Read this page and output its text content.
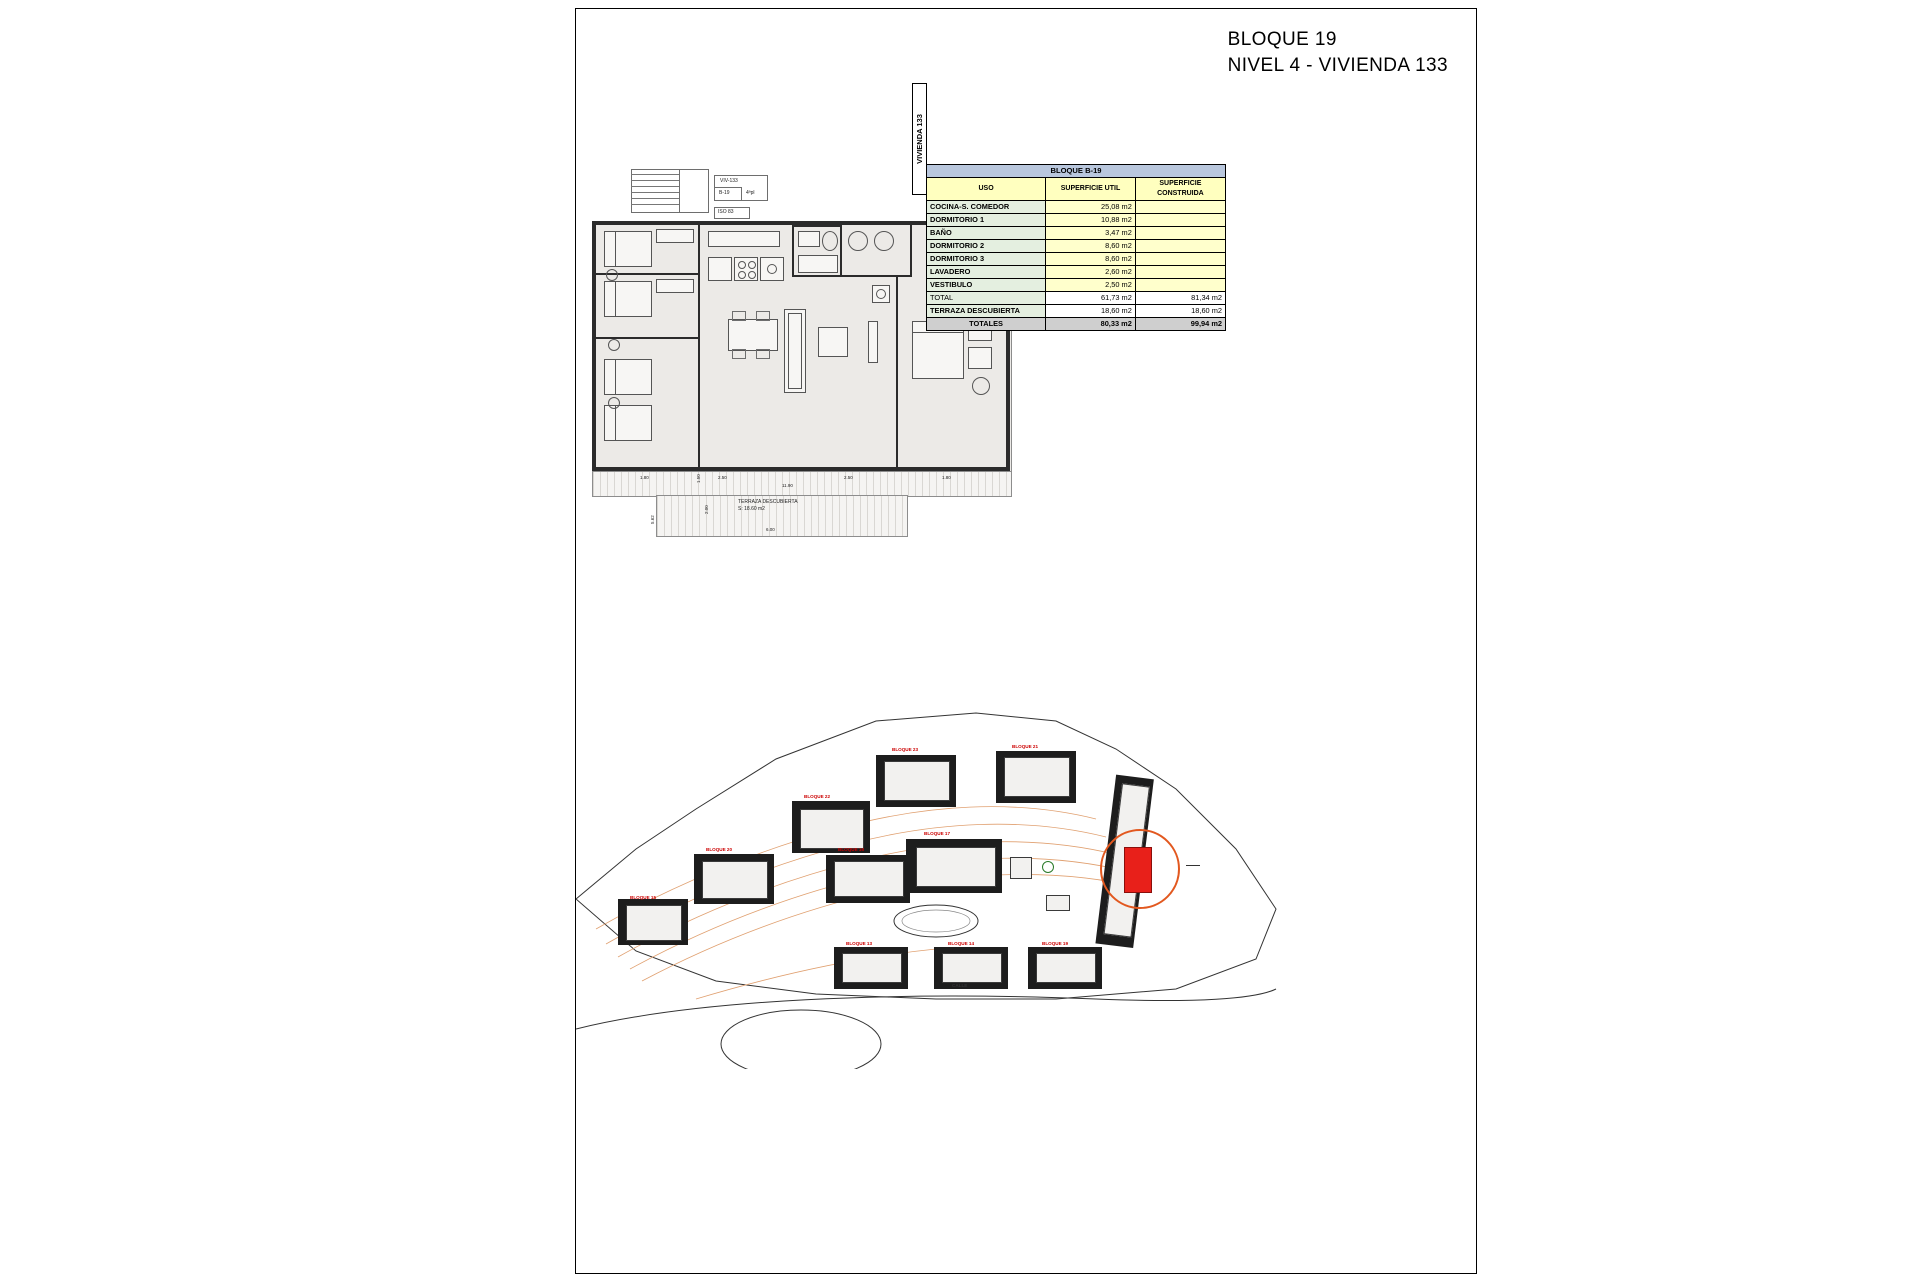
BLOQUE 19
NIVEL 4 - VIVIENDA 133
VIV-133
B-19	4ªpl
ISO 83
TERRAZA DESCUBIERTA
S: 18.60 m2
1.80	2.50
11.90
2.50	1.80
1.50
2.00
5.62
6.00
VIVIENDA 133
BLOQUE B-19		
USO	SUPERFICIE UTIL	SUPERFICIE CONSTRUIDA
COCINA-S. COMEDOR	25,08 m2	
DORMITORIO 1	10,88 m2	
BAÑO	3,47 m2	
DORMITORIO 2	8,60 m2	
DORMITORIO 3	8,60 m2	
LAVADERO	2,60 m2	
VESTIBULO	2,50 m2	
TOTAL	61,73 m2	81,34 m2
TERRAZA DESCUBIERTA	18,60 m2	18,60 m2
TOTALES	80,33 m2	99,94 m2
BLOQUE 15
BLOQUE 20
BLOQUE 22
BLOQUE 23
BLOQUE 21
BLOQUE 16
BLOQUE 17
BLOQUE 13	BLOQUE 14	BLOQUE 19
CALLE
